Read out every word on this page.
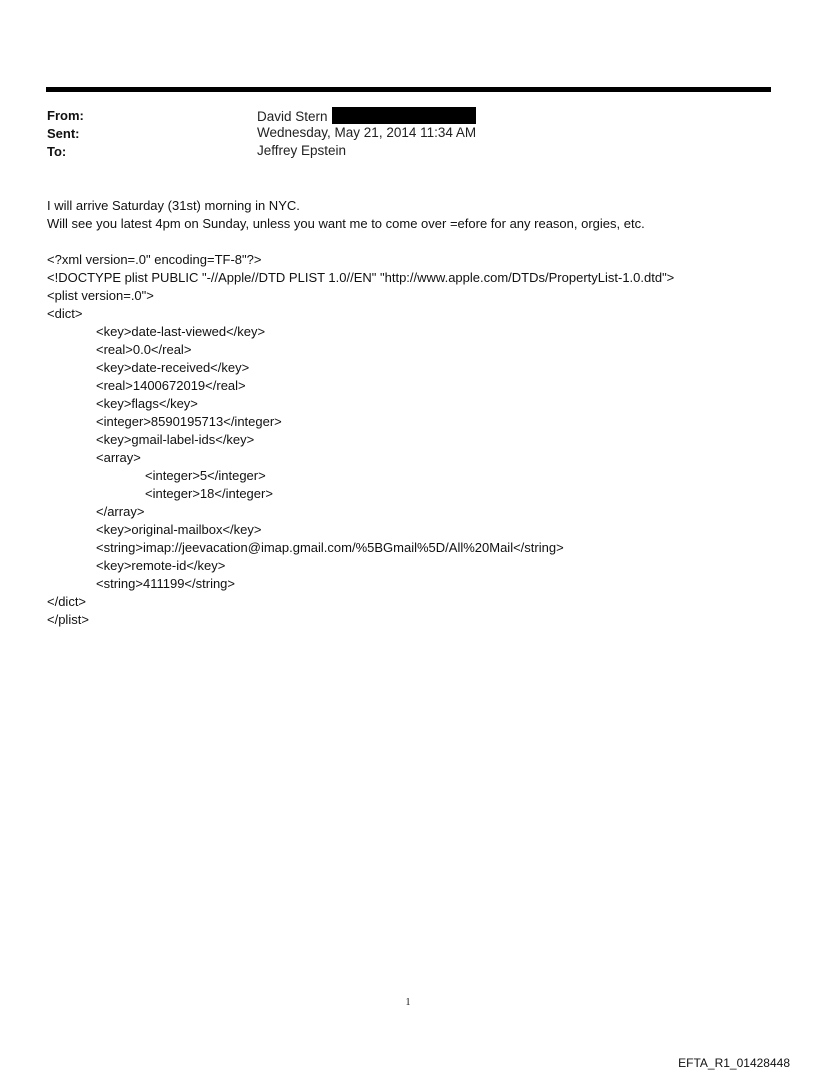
From:	David Stern
Sent:	Wednesday, May 21, 2014 11:34 AM
To:	Jeffrey Epstein
I will arrive Saturday (31st) morning in NYC.
Will see you latest 4pm on Sunday, unless you want me to come over =efore for any reason, orgies, etc.
<?xml version=.0" encoding=TF-8"?>
<!DOCTYPE plist PUBLIC "-//Apple//DTD PLIST 1.0//EN" "http://www.apple.com/DTDs/PropertyList-1.0.dtd">
<plist version=.0">
<dict>
<key>date-last-viewed</key>
<real>0.0</real>
<key>date-received</key>
<real>1400672019</real>
<key>flags</key>
<integer>8590195713</integer>
<key>gmail-label-ids</key>
<array>
<integer>5</integer>
<integer>18</integer>
</array>
<key>original-mailbox</key>
<string>imap://jeevacation@imap.gmail.com/%5BGmail%5D/All%20Mail</string>
<key>remote-id</key>
<string>411199</string>
</dict>
</plist>
1
EFTA_R1_01428448
